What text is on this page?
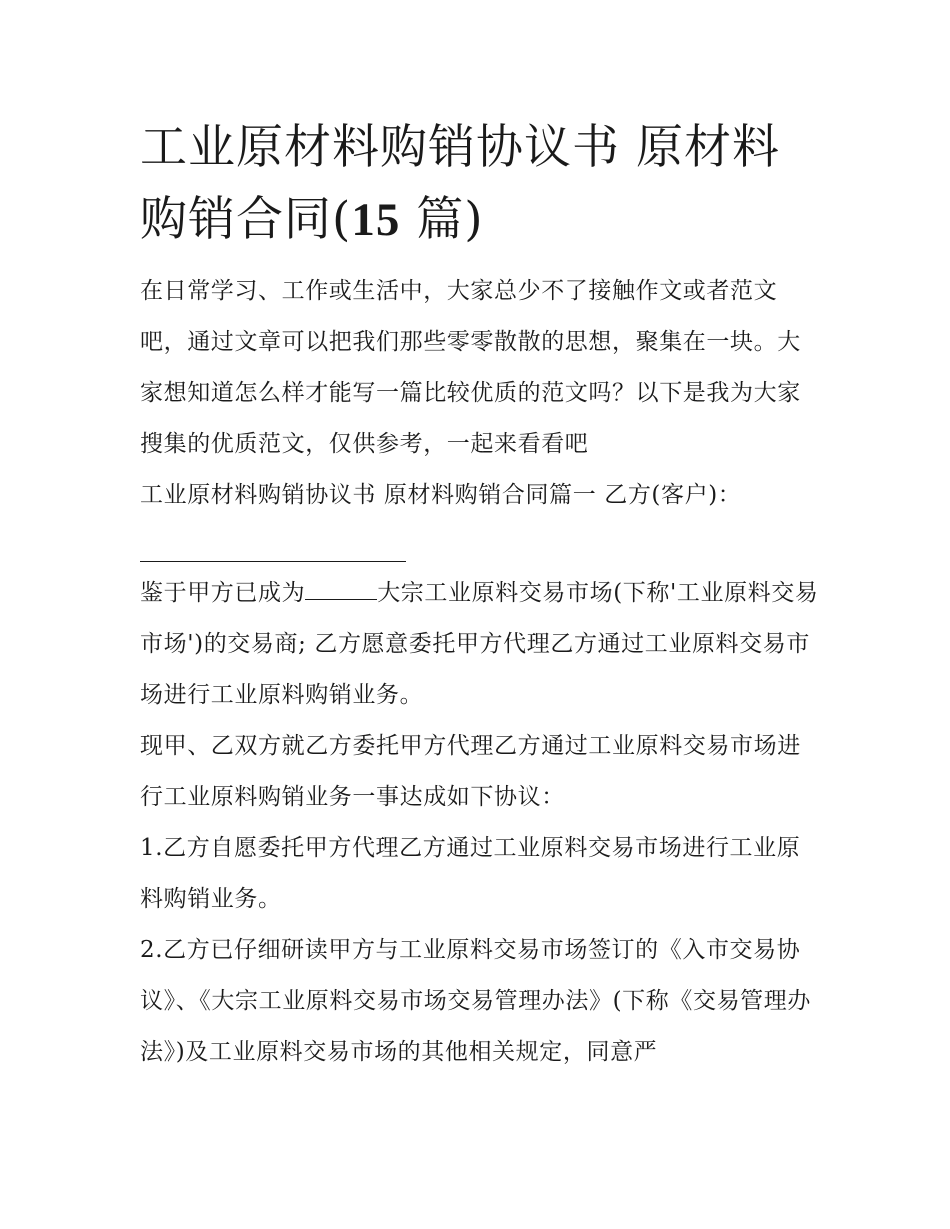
工业原材料购销协议书 原材料购销合同(15 篇)

在日常学习、工作或生活中，大家总少不了接触作文或者范文吧，通过文章可以把我们那些零零散散的思想，聚集在一块。大家想知道怎么样才能写一篇比较优质的范文吗？以下是我为大家搜集的优质范文，仅供参考，一起来看看吧

工业原材料购销协议书 原材料购销合同篇一 乙方(客户)：

鉴于甲方已成为	大宗工业原料交易市场(下称'工业原料交易市场')的交易商; 乙方愿意委托甲方代理乙方通过工业原料交易市场进行工业原料购销业务。

现甲、乙双方就乙方委托甲方代理乙方通过工业原料交易市场进行工业原料购销业务一事达成如下协议：

1.乙方自愿委托甲方代理乙方通过工业原料交易市场进行工业原料购销业务。

2.乙方已仔细研读甲方与工业原料交易市场签订的《入市交易协议》、《大宗工业原料交易市场交易管理办法》(下称《交易管理办法》)及工业原料交易市场的其他相关规定，同意严
